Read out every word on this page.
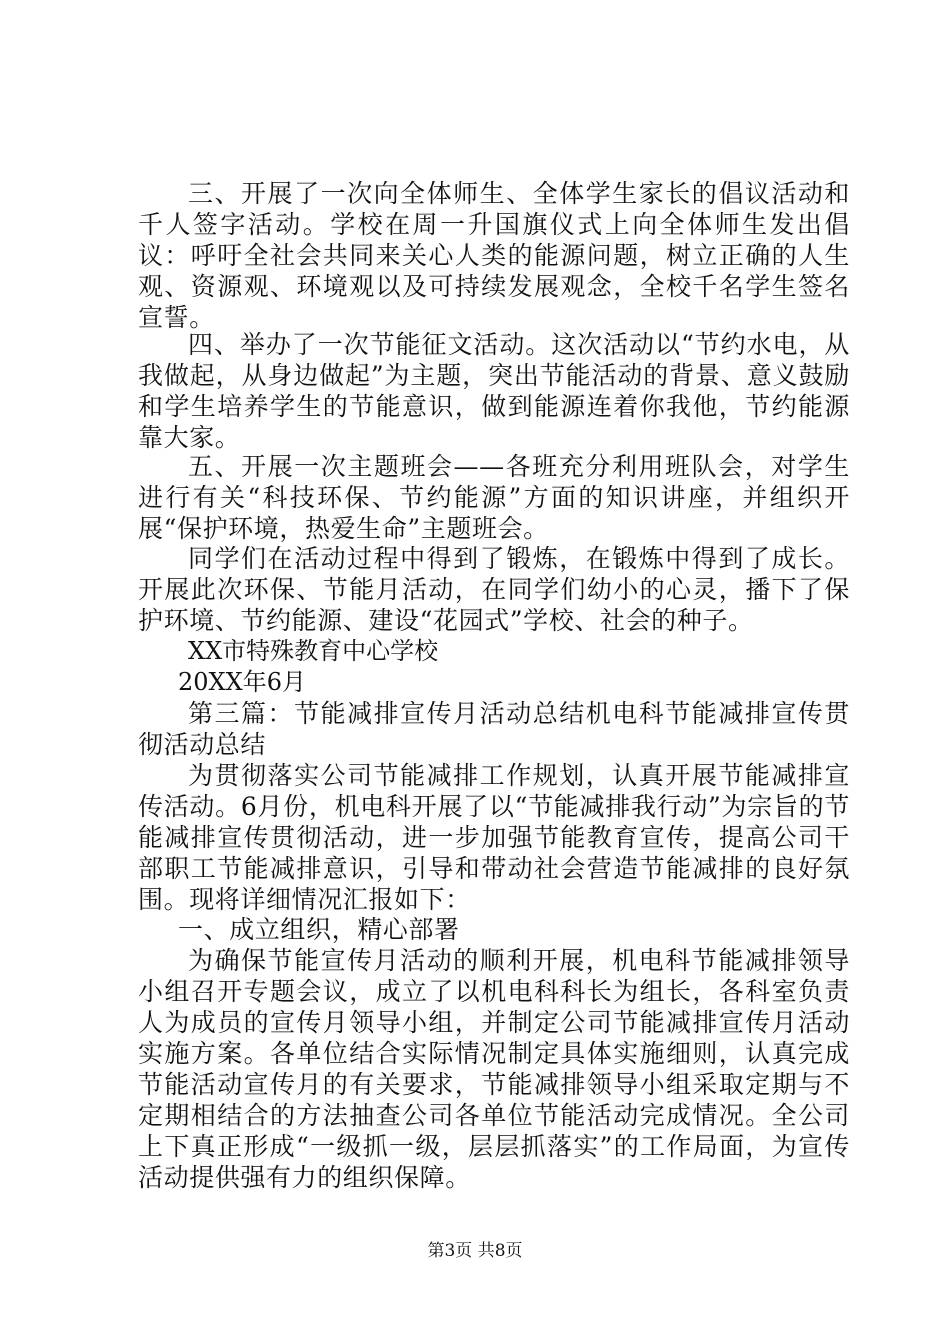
三、开展了一次向全体师生、全体学生家长的倡议活动和千人签字活动。学校在周一升国旗仪式上向全体师生发出倡议：呼吁全社会共同来关心人类的能源问题，树立正确的人生观、资源观、环境观以及可持续发展观念，全校千名学生签名宣誓。

四、举办了一次节能征文活动。这次活动以“节约水电，从我做起，从身边做起”为主题，突出节能活动的背景、意义鼓励和学生培养学生的节能意识，做到能源连着你我他，节约能源靠大家。

五、开展一次主题班会——各班充分利用班队会，对学生进行有关“科技环保、节约能源”方面的知识讲座，并组织开展“保护环境，热爱生命”主题班会。

同学们在活动过程中得到了锻炼，在锻炼中得到了成长。开展此次环保、节能月活动，在同学们幼小的心灵，播下了保护环境、节约能源、建设“花园式”学校、社会的种子。

XX市特殊教育中心学校

20XX年6月

第三篇：节能减排宣传月活动总结机电科节能减排宣传贯彻活动总结

为贯彻落实公司节能减排工作规划，认真开展节能减排宣传活动。6月份，机电科开展了以“节能减排我行动”为宗旨的节能减排宣传贯彻活动，进一步加强节能教育宣传，提高公司干部职工节能减排意识，引导和带动社会营造节能减排的良好氛围。现将详细情况汇报如下：

一、成立组织，精心部署

为确保节能宣传月活动的顺利开展，机电科节能减排领导小组召开专题会议，成立了以机电科科长为组长，各科室负责人为成员的宣传月领导小组，并制定公司节能减排宣传月活动实施方案。各单位结合实际情况制定具体实施细则，认真完成节能活动宣传月的有关要求，节能减排领导小组采取定期与不定期相结合的方法抽查公司各单位节能活动完成情况。全公司上下真正形成“一级抓一级，层层抓落实”的工作局面，为宣传活动提供强有力的组织保障。

第3页 共8页
